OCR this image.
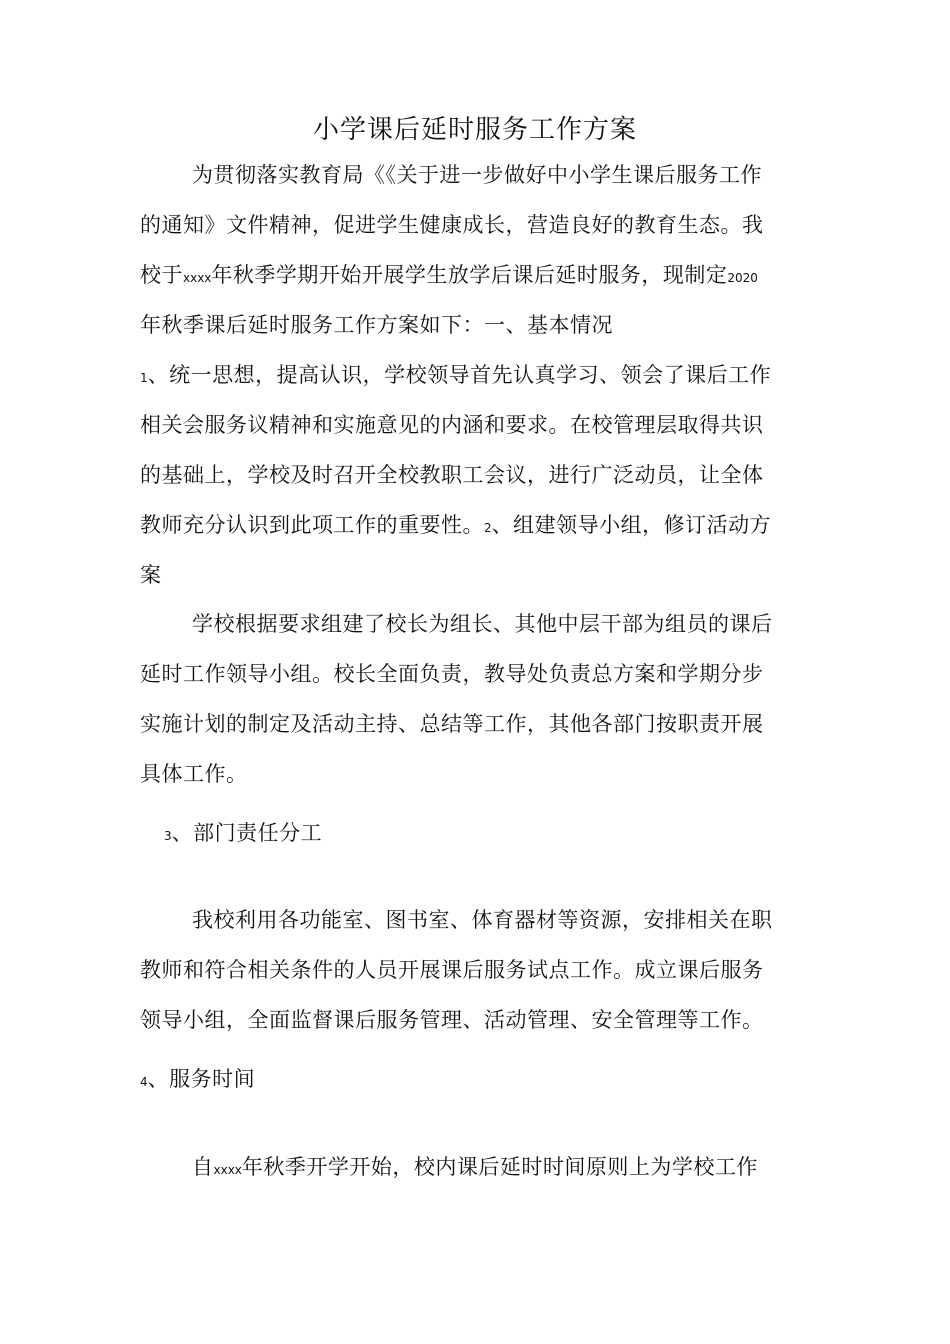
小学课后延时服务工作方案
为贯彻落实教育局《《关于进一步做好中小学生课后服务工作
的通知》文件精神，促进学生健康成长，营造良好的教育生态。我
校于xxxx年秋季学期开始开展学生放学后课后延时服务，现制定2020
年秋季课后延时服务工作方案如下：一、基本情况
1、统一思想，提高认识，学校领导首先认真学习、领会了课后工作
相关会服务议精神和实施意见的内涵和要求。在校管理层取得共识
的基础上，学校及时召开全校教职工会议，进行广泛动员，让全体
教师充分认识到此项工作的重要性。2、组建领导小组，修订活动方
案
学校根据要求组建了校长为组长、其他中层干部为组员的课后
延时工作领导小组。校长全面负责，教导处负责总方案和学期分步
实施计划的制定及活动主持、总结等工作，其他各部门按职责开展
具体工作。
3、部门责任分工
我校利用各功能室、图书室、体育器材等资源，安排相关在职
教师和符合相关条件的人员开展课后服务试点工作。成立课后服务
领导小组，全面监督课后服务管理、活动管理、安全管理等工作。
4、服务时间
自xxxx年秋季开学开始，校内课后延时时间原则上为学校工作
